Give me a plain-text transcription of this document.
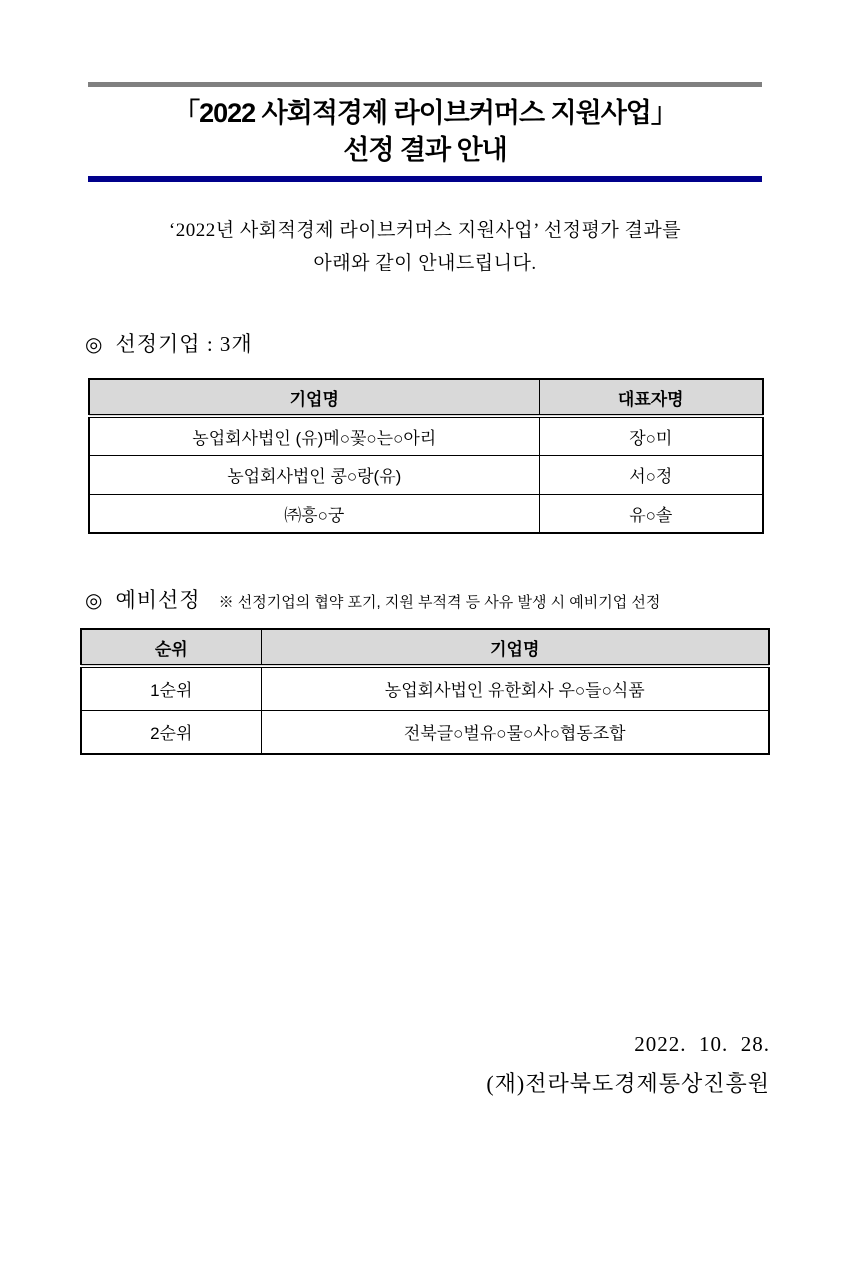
「2022 사회적경제 라이브커머스 지원사업」
선정 결과 안내
‘2022년 사회적경제 라이브커머스 지원사업’ 선정평가 결과를
아래와 같이 안내드립니다.
◎ 선정기업 : 3개
기업명	대표자명
농업회사법인 (유)메○꽃○는○아리	장○미
농업회사법인 콩○랑(유)	서○정
㈜흥○궁	유○솔
◎ 예비선정 ※ 선정기업의 협약 포기, 지원 부적격 등 사유 발생 시 예비기업 선정
순위	기업명
1순위	농업회사법인 유한회사 우○들○식품
2순위	전북글○벌유○물○사○협동조합
2022.  10.  28.
(재)전라북도경제통상진흥원
